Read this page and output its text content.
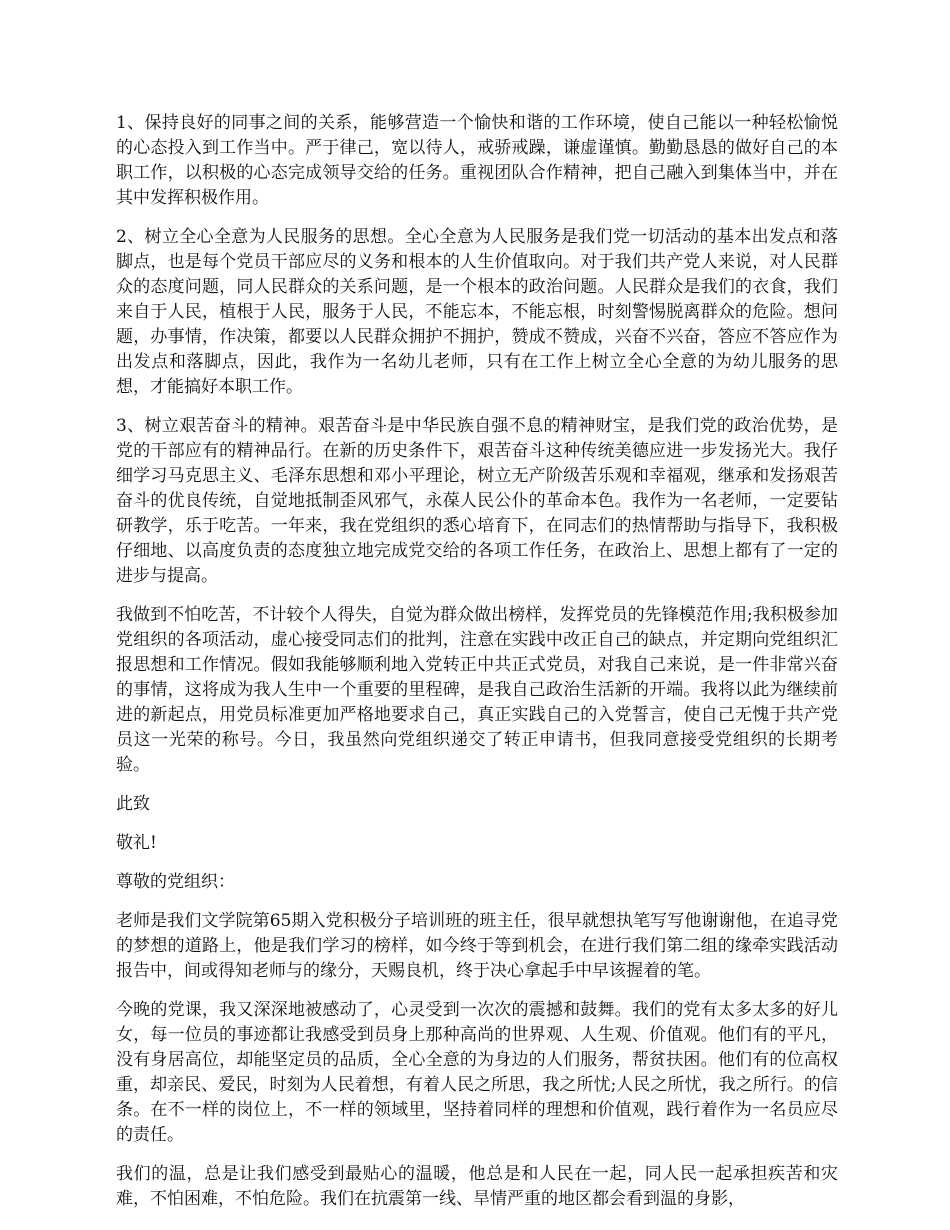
1、保持良好的同事之间的关系，能够营造一个愉快和谐的工作环境，使自己能以一种轻松愉悦的心态投入到工作当中。严于律己，宽以待人，戒骄戒躁，谦虚谨慎。勤勤恳恳的做好自己的本职工作，以积极的心态完成领导交给的任务。重视团队合作精神，把自己融入到集体当中，并在其中发挥积极作用。

2、树立全心全意为人民服务的思想。全心全意为人民服务是我们党一切活动的基本出发点和落脚点，也是每个党员干部应尽的义务和根本的人生价值取向。对于我们共产党人来说，对人民群众的态度问题，同人民群众的关系问题，是一个根本的政治问题。人民群众是我们的衣食，我们来自于人民，植根于人民，服务于人民，不能忘本，不能忘根，时刻警惕脱离群众的危险。想问题，办事情，作决策，都要以人民群众拥护不拥护，赞成不赞成，兴奋不兴奋，答应不答应作为出发点和落脚点，因此，我作为一名幼儿老师，只有在工作上树立全心全意的为幼儿服务的思想，才能搞好本职工作。

3、树立艰苦奋斗的精神。艰苦奋斗是中华民族自强不息的精神财宝，是我们党的政治优势，是党的干部应有的精神品行。在新的历史条件下，艰苦奋斗这种传统美德应进一步发扬光大。我仔细学习马克思主义、毛泽东思想和邓小平理论，树立无产阶级苦乐观和幸福观，继承和发扬艰苦奋斗的优良传统，自觉地抵制歪风邪气，永葆人民公仆的革命本色。我作为一名老师，一定要钻研教学，乐于吃苦。一年来，我在党组织的悉心培育下，在同志们的热情帮助与指导下，我积极仔细地、以高度负责的态度独立地完成党交给的各项工作任务，在政治上、思想上都有了一定的进步与提高。

我做到不怕吃苦，不计较个人得失，自觉为群众做出榜样，发挥党员的先锋模范作用;我积极参加党组织的各项活动，虚心接受同志们的批判，注意在实践中改正自己的缺点，并定期向党组织汇报思想和工作情况。假如我能够顺利地入党转正中共正式党员，对我自己来说，是一件非常兴奋的事情，这将成为我人生中一个重要的里程碑，是我自己政治生活新的开端。我将以此为继续前进的新起点，用党员标准更加严格地要求自己，真正实践自己的入党誓言，使自己无愧于共产党员这一光荣的称号。今日，我虽然向党组织递交了转正申请书，但我同意接受党组织的长期考验。

此致

敬礼!

尊敬的党组织：

老师是我们文学院第65期入党积极分子培训班的班主任，很早就想执笔写写他谢谢他，在追寻党的梦想的道路上，他是我们学习的榜样，如今终于等到机会，在进行我们第二组的缘牵实践活动报告中，间或得知老师与的缘分，天赐良机，终于决心拿起手中早该握着的笔。

今晚的党课，我又深深地被感动了，心灵受到一次次的震撼和鼓舞。我们的党有太多太多的好儿女，每一位员的事迹都让我感受到员身上那种高尚的世界观、人生观、价值观。他们有的平凡，没有身居高位，却能坚定员的品质，全心全意的为身边的人们服务，帮贫扶困。他们有的位高权重，却亲民、爱民，时刻为人民着想，有着人民之所思，我之所忧;人民之所忧，我之所行。的信条。在不一样的岗位上，不一样的领域里，坚持着同样的理想和价值观，践行着作为一名员应尽的责任。

我们的温，总是让我们感受到最贴心的温暖，他总是和人民在一起，同人民一起承担疾苦和灾难，不怕困难，不怕危险。我们在抗震第一线、旱情严重的地区都会看到温的身影，
